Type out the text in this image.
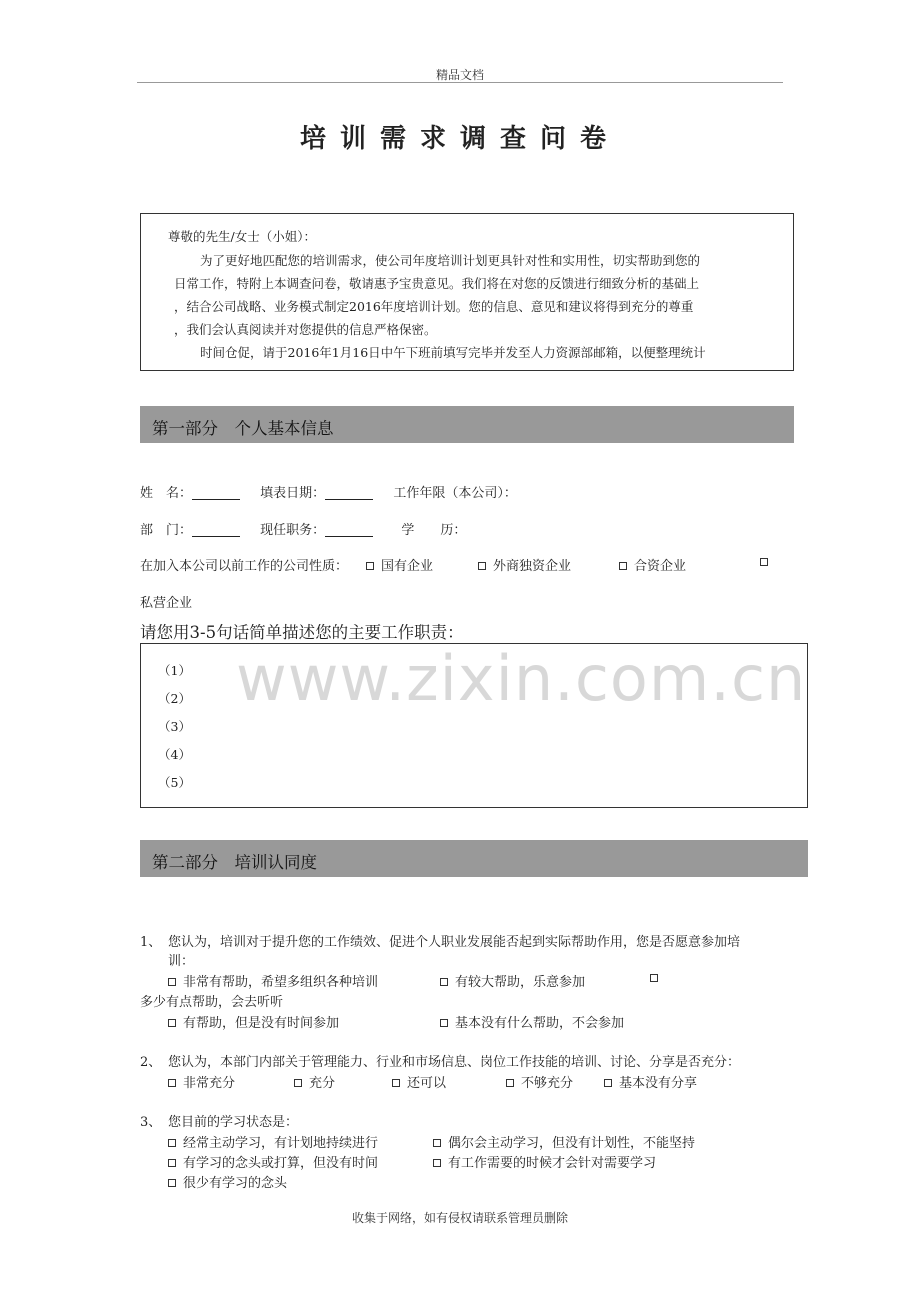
精品文档
培训需求调查问卷
尊敬的先生/女士（小姐）：
为了更好地匹配您的培训需求，使公司年度培训计划更具针对性和实用性，切实帮助到您的
日常工作，特附上本调查问卷，敬请惠予宝贵意见。我们将在对您的反馈进行细致分析的基础上
，结合公司战略、业务模式制定2016年度培训计划。您的信息、意见和建议将得到充分的尊重
，我们会认真阅读并对您提供的信息严格保密。
时间仓促，请于2016年1月16日中午下班前填写完毕并发至人力资源部邮箱，以便整理统计
第一部分　个人基本信息
姓　名：	填表日期：	工作年限（本公司）：
部　门：	现任职务：	学　　历：
在加入本公司以前工作的公司性质：	国有企业	外商独资企业	合资企业
私营企业
请您用3-5句话简单描述您的主要工作职责：
（1）
（2）
（3）
（4）
（5）
www.zixin.com.cn
第二部分　培训认同度
1、 您认为，培训对于提升您的工作绩效、促进个人职业发展能否起到实际帮助作用，您是否愿意参加培
训：
非常有帮助，希望多组织各种培训	有较大帮助，乐意参加
多少有点帮助，会去听听
有帮助，但是没有时间参加	基本没有什么帮助，不会参加
2、 您认为，本部门内部关于管理能力、行业和市场信息、岗位工作技能的培训、讨论、分享是否充分：
非常充分	充分	还可以	不够充分	基本没有分享
3、 您目前的学习状态是：
经常主动学习，有计划地持续进行	偶尔会主动学习，但没有计划性，不能坚持
有学习的念头或打算，但没有时间	有工作需要的时候才会针对需要学习
很少有学习的念头
收集于网络，如有侵权请联系管理员删除
